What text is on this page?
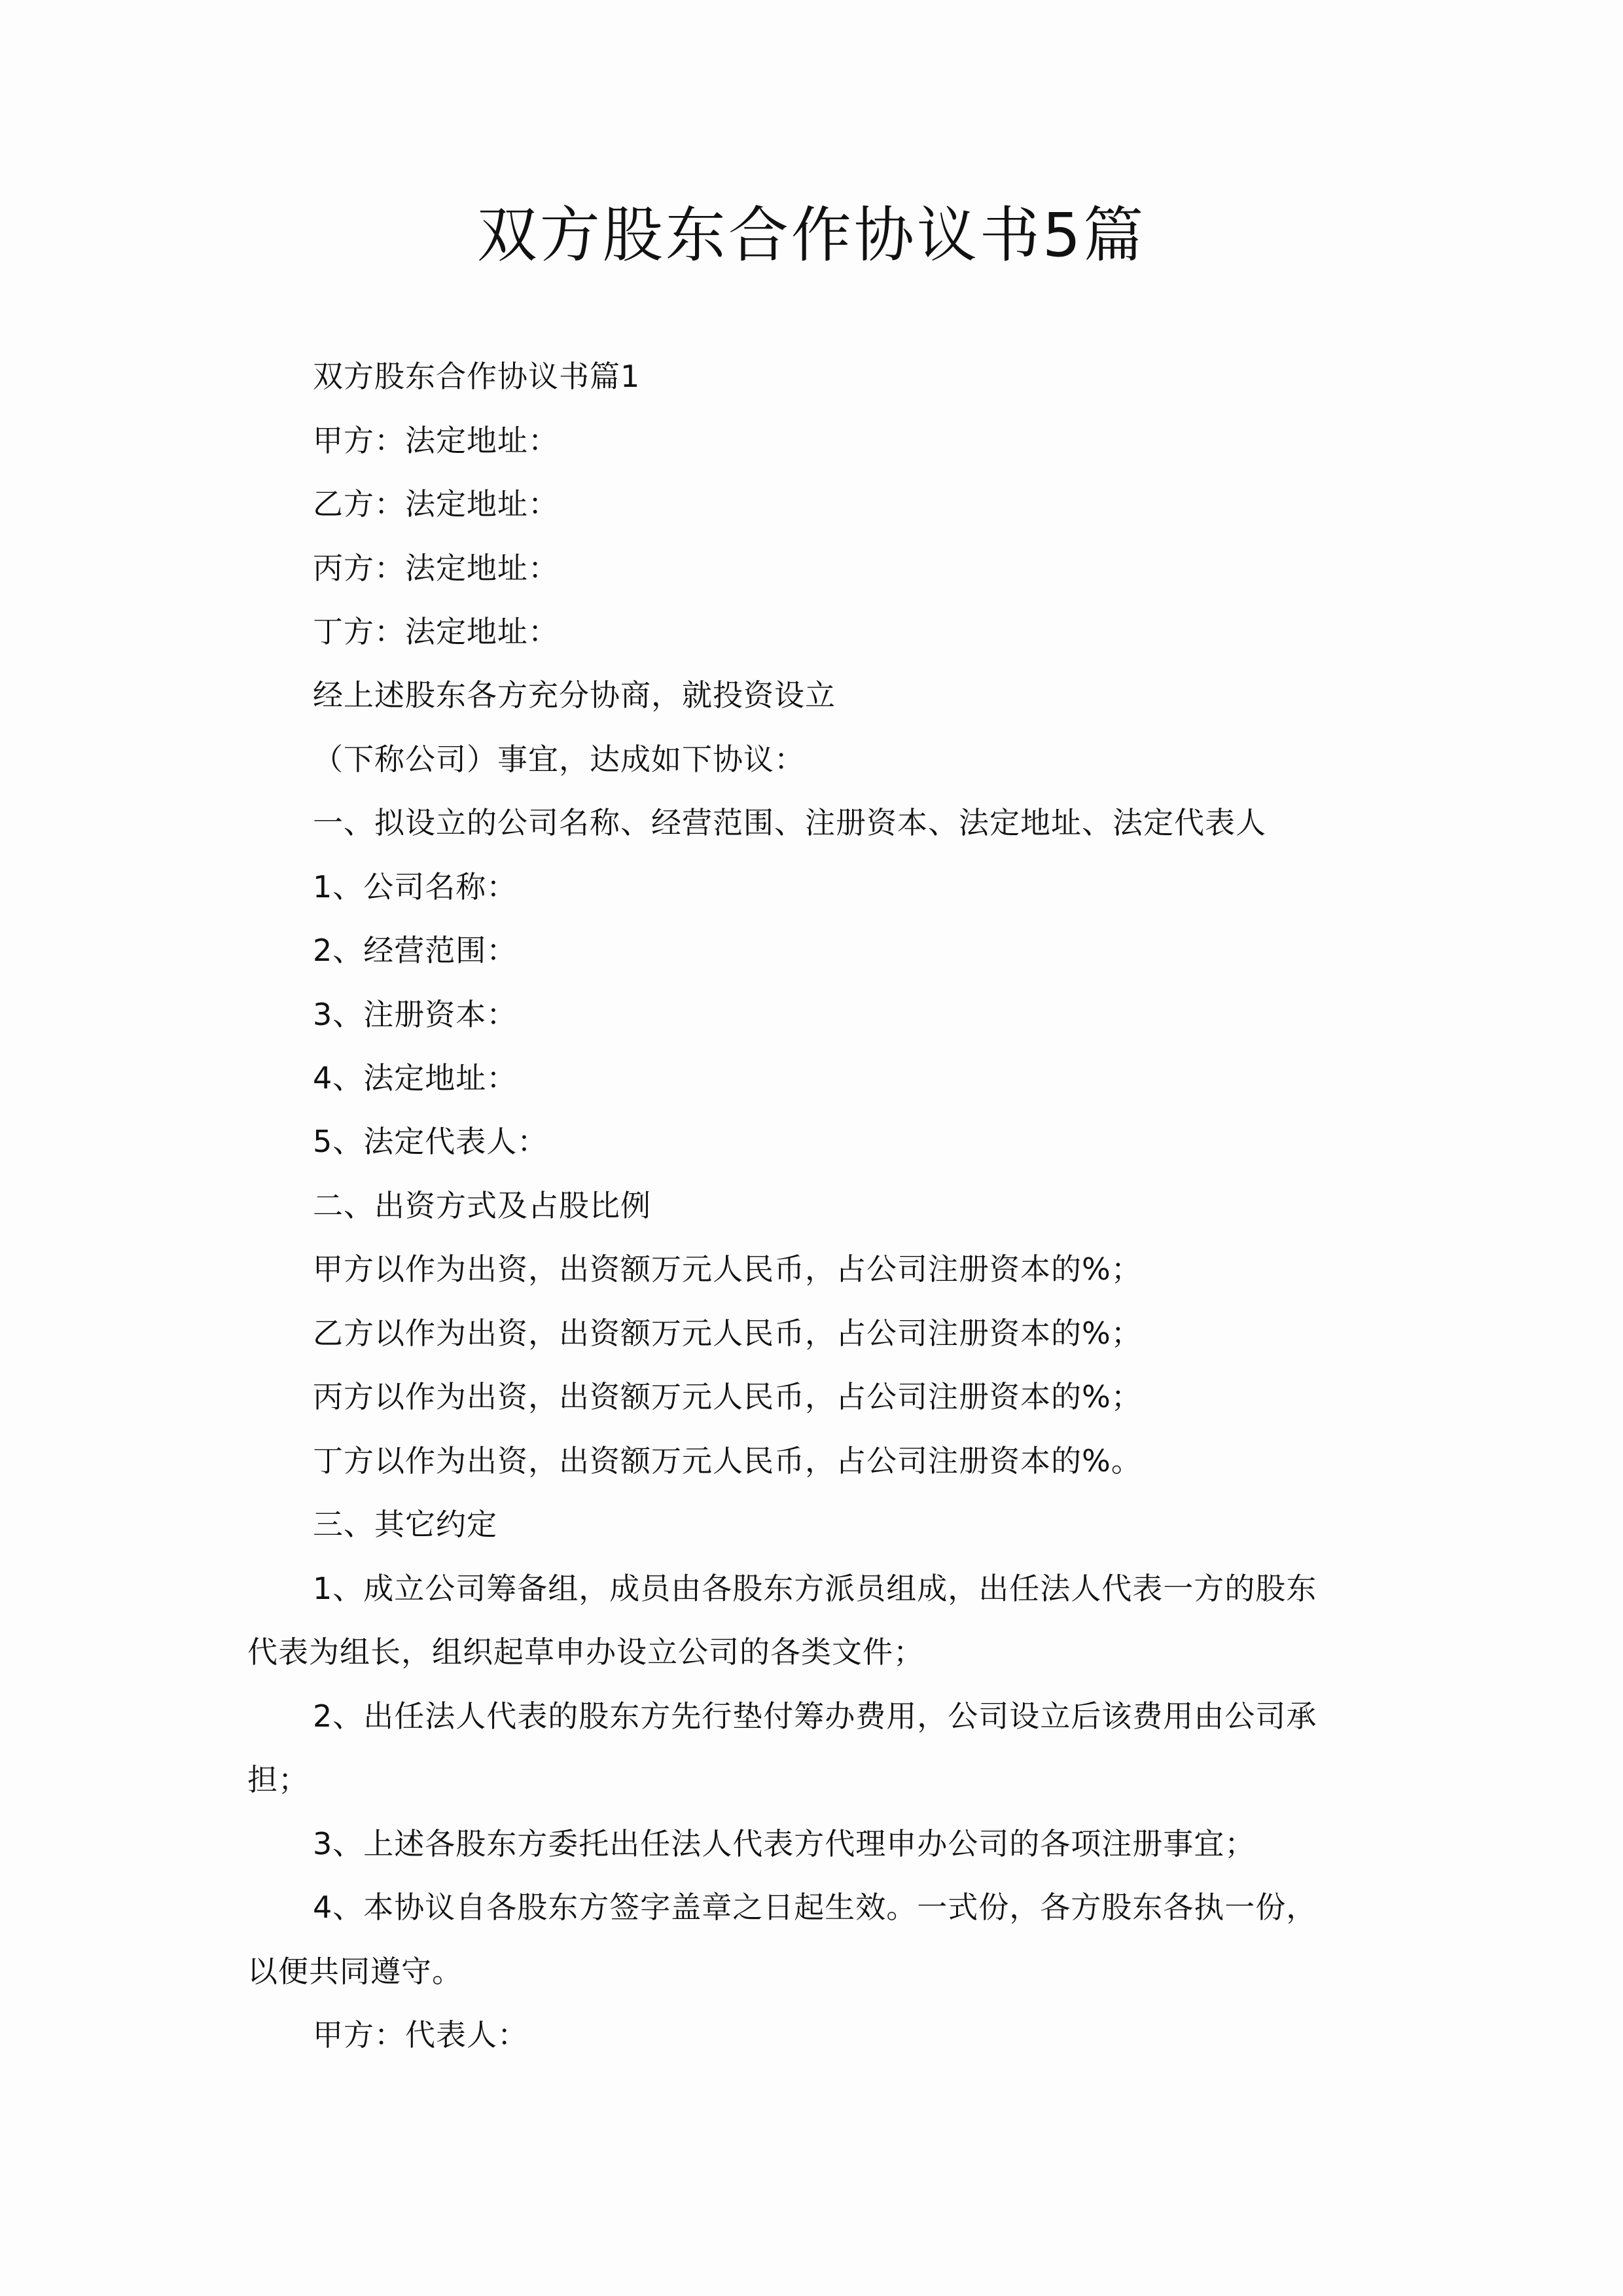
双方股东合作协议书5篇
双方股东合作协议书篇1
甲方：法定地址：
乙方：法定地址：
丙方：法定地址：
丁方：法定地址：
经上述股东各方充分协商，就投资设立
（下称公司）事宜，达成如下协议：
一、拟设立的公司名称、经营范围、注册资本、法定地址、法定代表人
1、公司名称：
2、经营范围：
3、注册资本：
4、法定地址：
5、法定代表人：
二、出资方式及占股比例
甲方以作为出资，出资额万元人民币，占公司注册资本的%；
乙方以作为出资，出资额万元人民币，占公司注册资本的%；
丙方以作为出资，出资额万元人民币，占公司注册资本的%；
丁方以作为出资，出资额万元人民币，占公司注册资本的%。
三、其它约定
1、成立公司筹备组，成员由各股东方派员组成，出任法人代表一方的股东
代表为组长，组织起草申办设立公司的各类文件；
2、出任法人代表的股东方先行垫付筹办费用，公司设立后该费用由公司承
担；
3、上述各股东方委托出任法人代表方代理申办公司的各项注册事宜；
4、本协议自各股东方签字盖章之日起生效。一式份，各方股东各执一份，
以便共同遵守。
甲方：代表人：
